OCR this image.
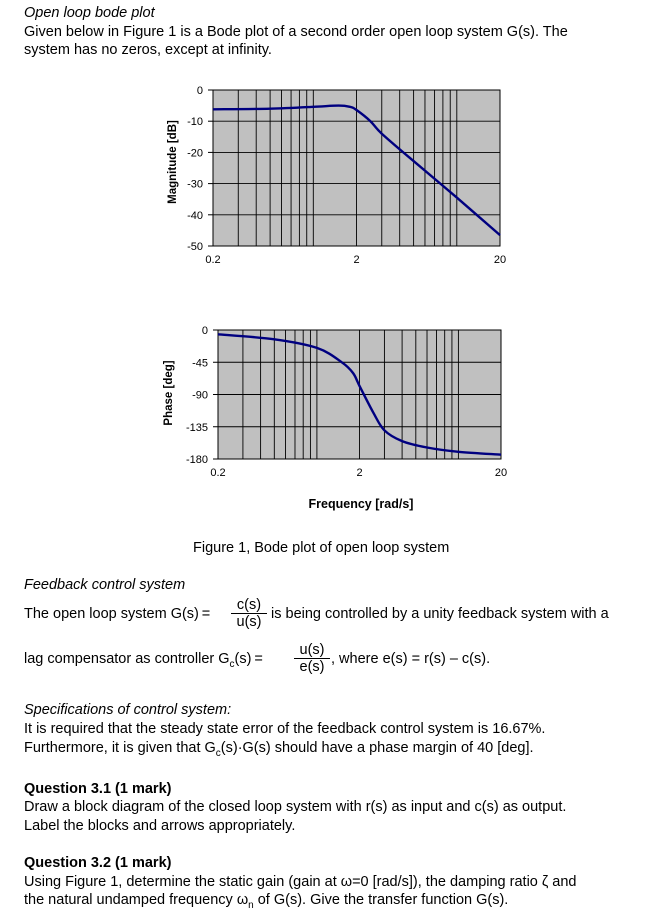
Open loop bode plot
Given below in Figure 1 is a Bode plot of a second order open loop system G(s). The
system has no zeros, except at infinity.
0
-10
-20
-30
-40
-50
0.2	2	20
Magnitude [dB]
0
-45
-90
-135
-180
0.2	2	20
Phase [deg]
Frequency [rad/s]
Figure 1, Bode plot of open loop system
Feedback control system
The open loop system $G(s) = \frac{c(s)}{u(s)}$ is being controlled by a unity feedback system with a
lag compensator as controller $G_c(s) = \frac{u(s)}{e(s)}$ , where e(s) = r(s) – c(s).
Specifications of control system:
It is required that the steady state error of the feedback control system is 16.67%.
Furthermore, it is given that $G_c(s)\cdot G(s)$ should have a phase margin of 40 [deg].
Question 3.1 (1 mark)
Draw a block diagram of the closed loop system with r(s) as input and c(s) as output.
Label the blocks and arrows appropriately.
Question 3.2 (1 mark)
Using Figure 1, determine the static gain (gain at ω=0 [rad/s]), the damping ratio ζ and
the natural undamped frequency $\omega_n$ of G(s). Give the transfer function G(s).
